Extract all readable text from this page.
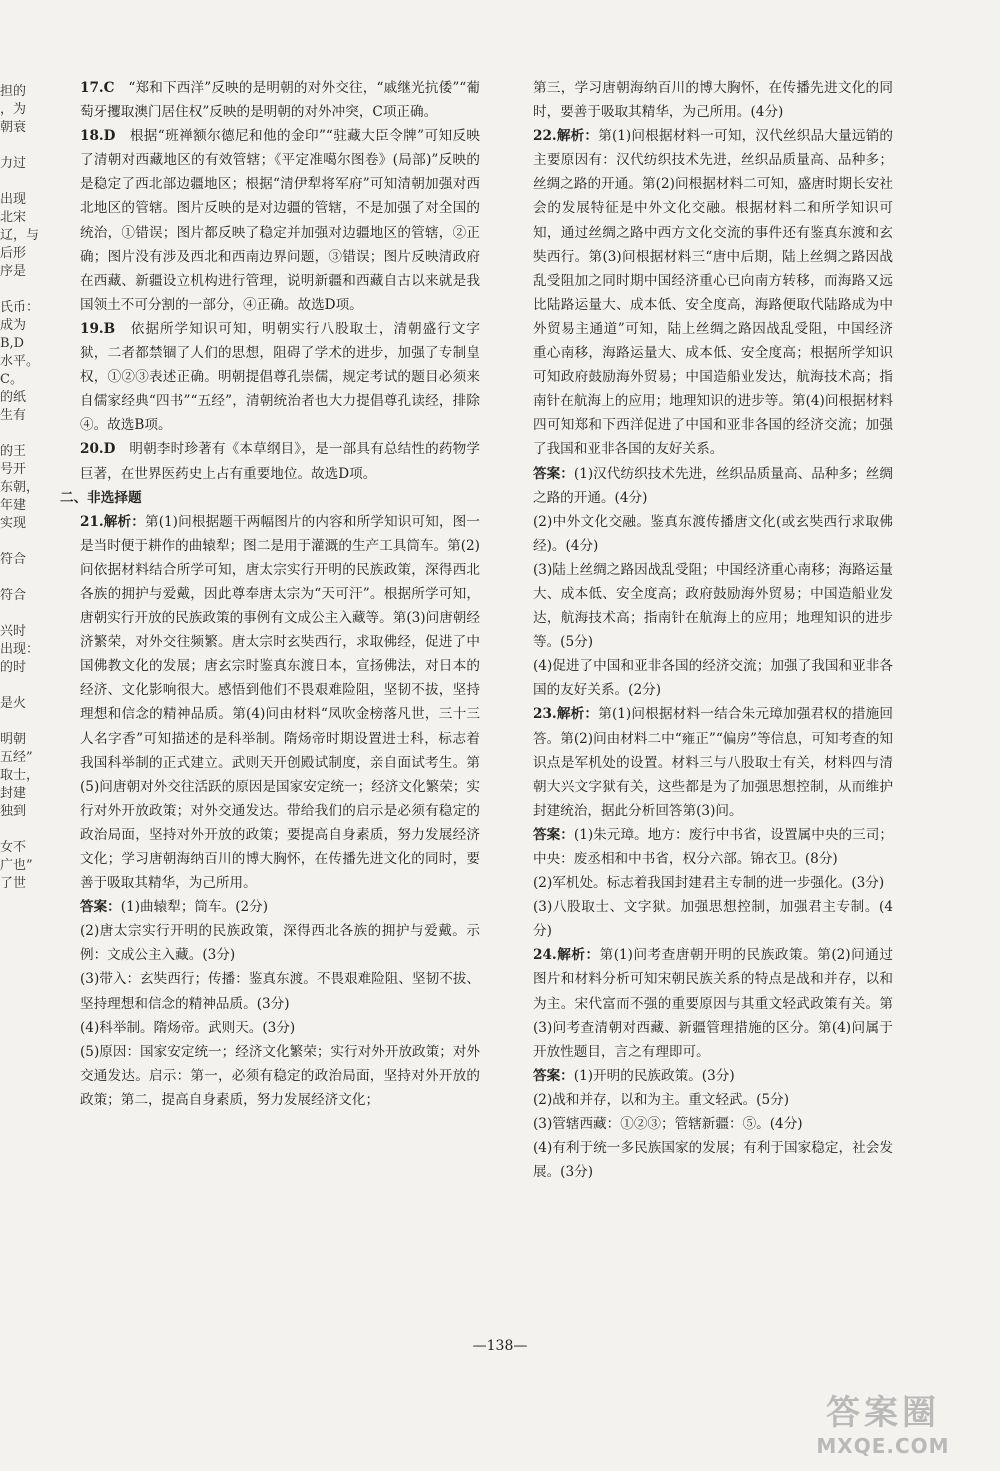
担的
，为
朝衰
力过
出现
北宋
辽，与
后形
序是
氏币：
成为
B,D
水平。
C。
的纸
生有
的王
号开
东朝，
年建
实现
符合
符合
兴时
出现：
的时
是火
明朝
五经”
取士，
封建
独到
女不
广也”
了世
17.C　 “郑和下西洋”反映的是明朝的对外交往，“戚继光抗倭”“葡萄牙攫取澳门居住权”反映的是明朝的对外冲突，C项正确。
18.D　 根据“班禅额尔德尼和他的金印”“驻藏大臣令牌”可知反映了清朝对西藏地区的有效管辖；《平定准噶尔图卷》(局部)”反映的是稳定了西北部边疆地区；根据“清伊犁将军府”可知清朝加强对西北地区的管辖。图片反映的是对边疆的管辖，不是加强了对全国的统治，①错误；图片都反映了稳定并加强对边疆地区的管辖，②正确；图片没有涉及西北和西南边界问题，③错误；图片反映清政府在西藏、新疆设立机构进行管理，说明新疆和西藏自古以来就是我国领土不可分割的一部分，④正确。故选D项。
19.B　 依据所学知识可知，明朝实行八股取士，清朝盛行文字狱，二者都禁锢了人们的思想，阻碍了学术的进步，加强了专制皇权，①②③表述正确。明朝提倡尊孔崇儒，规定考试的题目必须来自儒家经典“四书”“五经”，清朝统治者也大力提倡尊孔读经，排除④。故选B项。
20.D　 明朝李时珍著有《本草纲目》，是一部具有总结性的药物学巨著，在世界医药史上占有重要地位。故选D项。
二、非选择题
21.解析：第(1)问根据题干两幅图片的内容和所学知识可知，图一是当时便于耕作的曲辕犁；图二是用于灌溉的生产工具筒车。第(2)问依据材料结合所学可知，唐太宗实行开明的民族政策，深得西北各族的拥护与爱戴，因此尊奉唐太宗为“天可汗”。根据所学可知，唐朝实行开放的民族政策的事例有文成公主入藏等。第(3)问唐朝经济繁荣，对外交往频繁。唐太宗时玄奘西行，求取佛经，促进了中国佛教文化的发展；唐玄宗时鉴真东渡日本，宣扬佛法，对日本的经济、文化影响很大。感悟到他们不畏艰难险阻，坚韧不拔，坚持理想和信念的精神品质。第(4)问由材料“凤吹金榜落凡世，三十三人名字香”可知描述的是科举制。隋炀帝时期设置进士科，标志着我国科举制的正式建立。武则天开创殿试制度，亲自面试考生。第(5)问唐朝对外交往活跃的原因是国家安定统一；经济文化繁荣；实行对外开放政策；对外交通发达。带给我们的启示是必须有稳定的政治局面，坚持对外开放的政策；要提高自身素质，努力发展经济文化；学习唐朝海纳百川的博大胸怀，在传播先进文化的同时，要善于吸取其精华，为己所用。
答案：(1)曲辕犁；筒车。(2分)
(2)唐太宗实行开明的民族政策，深得西北各族的拥护与爱戴。示例：文成公主入藏。(3分)
(3)带入：玄奘西行；传播：鉴真东渡。不畏艰难险阻、坚韧不拔、坚持理想和信念的精神品质。(3分)
(4)科举制。隋炀帝。武则天。(3分)
(5)原因：国家安定统一；经济文化繁荣；实行对外开放政策；对外交通发达。启示：第一，必须有稳定的政治局面，坚持对外开放的政策；第二，提高自身素质，努力发展经济文化；
第三，学习唐朝海纳百川的博大胸怀，在传播先进文化的同时，要善于吸取其精华，为己所用。(4分)
22.解析：第(1)问根据材料一可知，汉代丝织品大量远销的主要原因有：汉代纺织技术先进，丝织品质量高、品种多；丝绸之路的开通。第(2)问根据材料二可知，盛唐时期长安社会的发展特征是中外文化交融。根据材料二和所学知识可知，通过丝绸之路中西方文化交流的事件还有鉴真东渡和玄奘西行。第(3)问根据材料三“唐中后期，陆上丝绸之路因战乱受阻加之同时期中国经济重心已向南方转移，而海路又远比陆路运量大、成本低、安全度高，海路便取代陆路成为中外贸易主通道”可知，陆上丝绸之路因战乱受阻，中国经济重心南移，海路运量大、成本低、安全度高；根据所学知识可知政府鼓励海外贸易；中国造船业发达，航海技术高；指南针在航海上的应用；地理知识的进步等。第(4)问根据材料四可知郑和下西洋促进了中国和亚非各国的经济交流；加强了我国和亚非各国的友好关系。
答案：(1)汉代纺织技术先进，丝织品质量高、品种多；丝绸之路的开通。(4分)
(2)中外文化交融。鉴真东渡传播唐文化(或玄奘西行求取佛经)。(4分)
(3)陆上丝绸之路因战乱受阻；中国经济重心南移；海路运量大、成本低、安全度高；政府鼓励海外贸易；中国造船业发达，航海技术高；指南针在航海上的应用；地理知识的进步等。(5分)
(4)促进了中国和亚非各国的经济交流；加强了我国和亚非各国的友好关系。(2分)
23.解析：第(1)问根据材料一结合朱元璋加强君权的措施回答。第(2)问由材料二中“雍正”“偏房”等信息，可知考查的知识点是军机处的设置。材料三与八股取士有关，材料四与清朝大兴文字狱有关，这些都是为了加强思想控制，从而维护封建统治，据此分析回答第(3)问。
答案：(1)朱元璋。地方：废行中书省，设置属中央的三司；中央：废丞相和中书省，权分六部。锦衣卫。(8分)
(2)军机处。标志着我国封建君主专制的进一步强化。(3分)
(3)八股取士、文字狱。加强思想控制，加强君主专制。(4分)
24.解析：第(1)问考查唐朝开明的民族政策。第(2)问通过图片和材料分析可知宋朝民族关系的特点是战和并存，以和为主。宋代富而不强的重要原因与其重文轻武政策有关。第(3)问考查清朝对西藏、新疆管理措施的区分。第(4)问属于开放性题目，言之有理即可。
答案：(1)开明的民族政策。(3分)
(2)战和并存，以和为主。重文轻武。(5分)
(3)管辖西藏：①②③；管辖新疆：⑤。(4分)
(4)有利于统一多民族国家的发展；有利于国家稳定，社会发展。(3分)
—138—
答案圈
MXQE.COM
